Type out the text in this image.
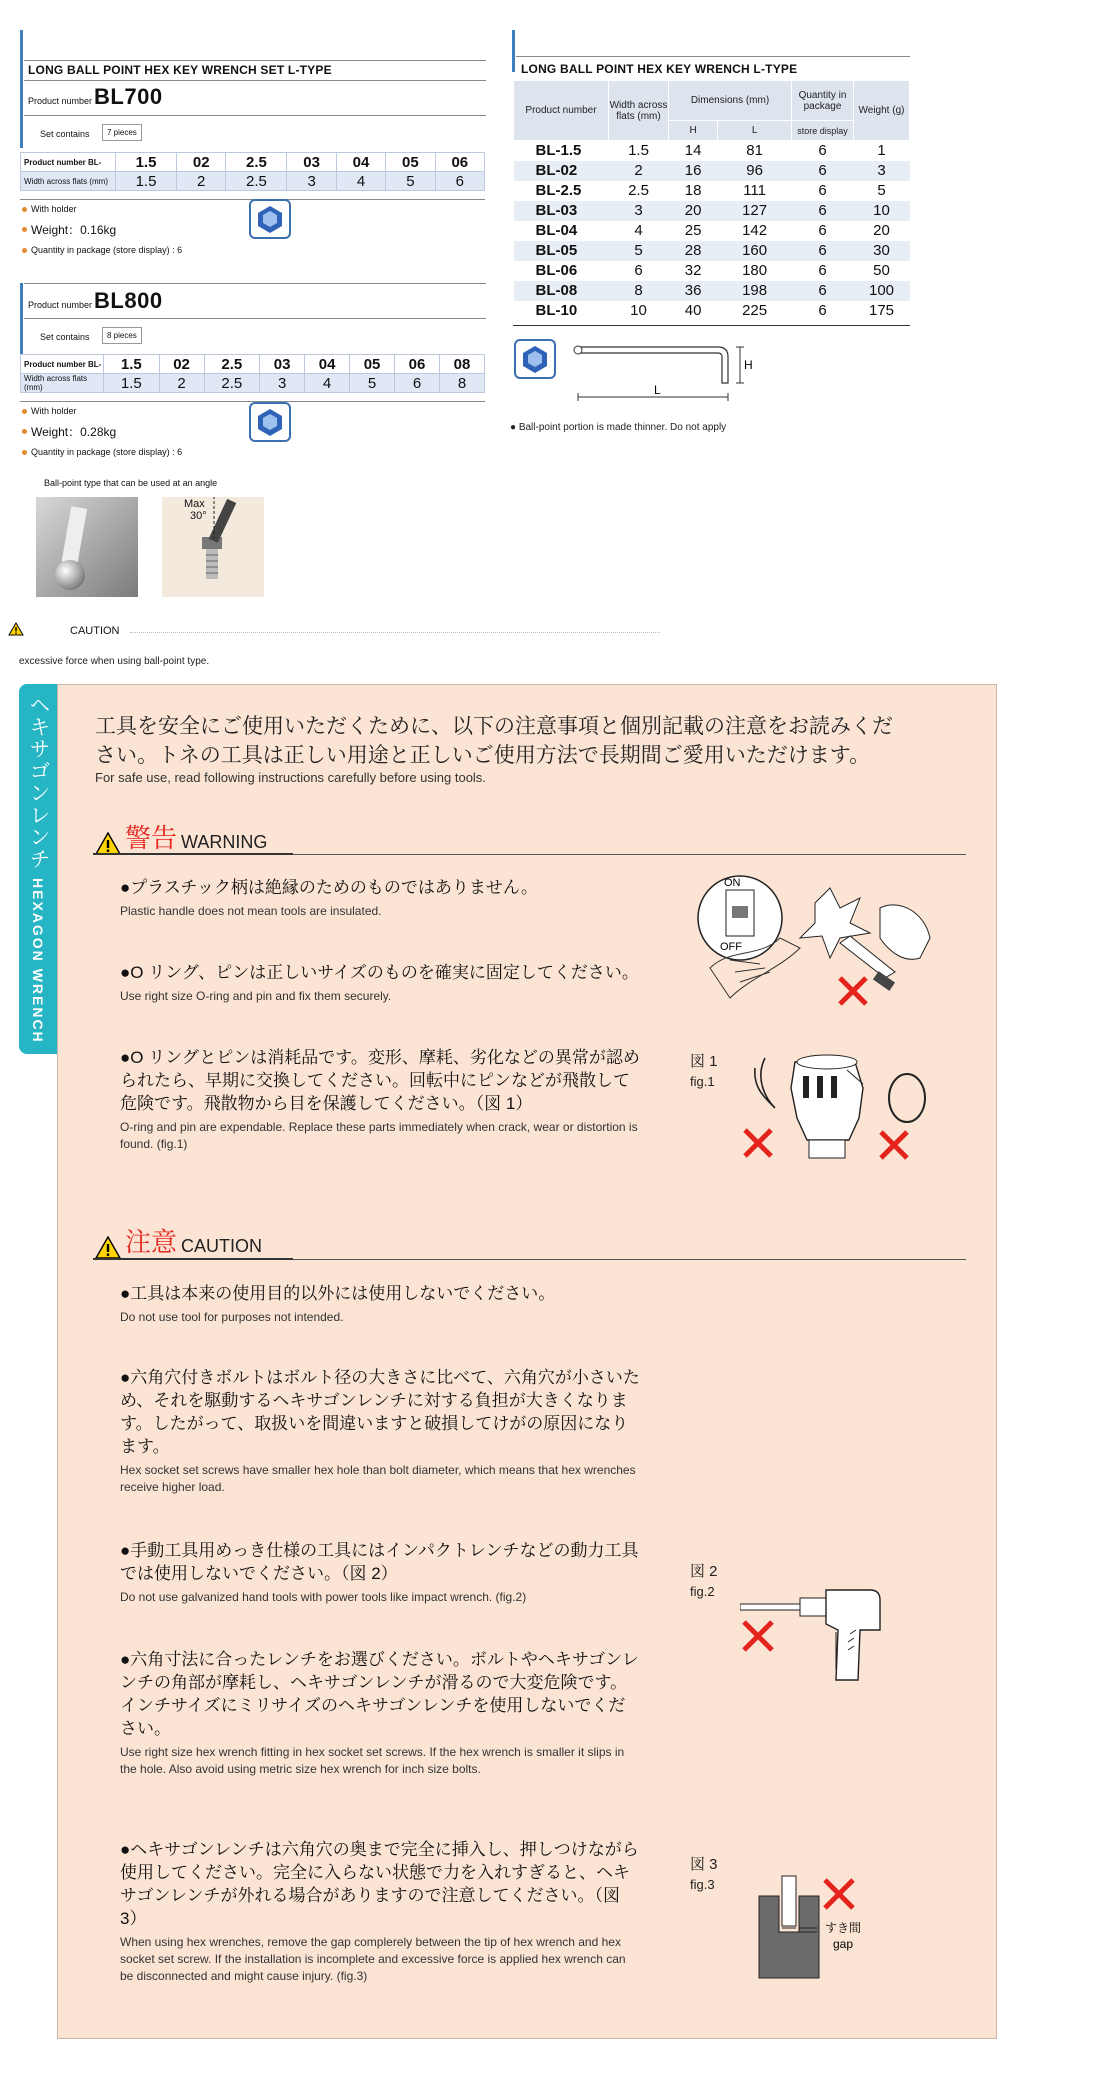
LONG BALL POINT HEX KEY WRENCH SET L-TYPE
Product number BL700
Set contains	7 pieces
Product number BL-	1.5	02	2.5	03	04	05	06
Width across flats (mm)	1.5	2	2.5	3	4	5	6
With holder
Weight：0.16kg
Quantity in package (store display) : 6
Product number BL800
Set contains	8 pieces
Product number BL-	1.5	02	2.5	03	04	05	06	08
Width across flats (mm)	1.5	2	2.5	3	4	5	6	8
With holder
Weight：0.28kg
Quantity in package (store display) : 6
Ball-point type that can be used at an angle
Max
30°
CAUTION
excessive force when using ball-point type.
LONG BALL POINT HEX KEY WRENCH L-TYPE
Product number	Width across flats (mm)	Dimensions (mm)		Quantity in package	Weight (g)
		H	L	store display	
BL-1.5	1.5	14	81	6	1
BL-02	2	16	96	6	3
BL-2.5	2.5	18	111	6	5
BL-03	3	20	127	6	10
BL-04	4	25	142	6	20
BL-05	5	28	160	6	30
BL-06	6	32	180	6	50
BL-08	8	36	198	6	100
BL-10	10	40	225	6	175
L
H
● Ball-point portion is made thinner. Do not apply
ヘキサゴンレンチ
HEXAGON WRENCH
工具を安全にご使用いただくために、以下の注意事項と個別記載の注意をお読みくだ
さい。トネの工具は正しい用途と正しいご使用方法で長期間ご愛用いただけます。
For safe use, read following instructions carefully before using tools.
警告 WARNING
●プラスチック柄は絶縁のためのものではありません。
Plastic handle does not mean tools are insulated.
●O リング、ピンは正しいサイズのものを確実に固定してください。
Use right size O-ring and pin and fix them securely.
●O リングとピンは消耗品です。変形、摩耗、劣化などの異常が認められたら、早期に交換してください。回転中にピンなどが飛散して危険です。飛散物から目を保護してください。（図 1）
O-ring and pin are expendable. Replace these parts immediately when crack, wear or distortion is found. (fig.1)
ON
OFF
図 1
fig.1
注意 CAUTION
●工具は本来の使用目的以外には使用しないでください。
Do not use tool for purposes not intended.
●六角穴付きボルトはボルト径の大きさに比べて、六角穴が小さいため、それを駆動するヘキサゴンレンチに対する負担が大きくなります。したがって、取扱いを間違いますと破損してけがの原因になります。
Hex socket set screws have smaller hex hole than bolt diameter, which means that hex wrenches receive higher load.
●手動工具用めっき仕様の工具にはインパクトレンチなどの動力工具では使用しないでください。（図 2）
Do not use galvanized hand tools with power tools like impact wrench. (fig.2)
●六角寸法に合ったレンチをお選びください。ボルトやヘキサゴンレンチの角部が摩耗し、ヘキサゴンレンチが滑るので大変危険です。インチサイズにミリサイズのヘキサゴンレンチを使用しないでください。
Use right size hex wrench fitting in hex socket set screws. If the hex wrench is smaller it slips in the hole. Also avoid using metric size hex wrench for inch size bolts.
●ヘキサゴンレンチは六角穴の奥まで完全に挿入し、押しつけながら使用してください。完全に入らない状態で力を入れすぎると、ヘキサゴンレンチが外れる場合がありますので注意してください。（図 3）
When using hex wrenches, remove the gap complerely between the tip of hex wrench and hex socket set screw. If the installation is incomplete and excessive force is applied hex wrench can be disconnected and might cause injury. (fig.3)
図 2
fig.2
図 3
fig.3
すき間
gap
